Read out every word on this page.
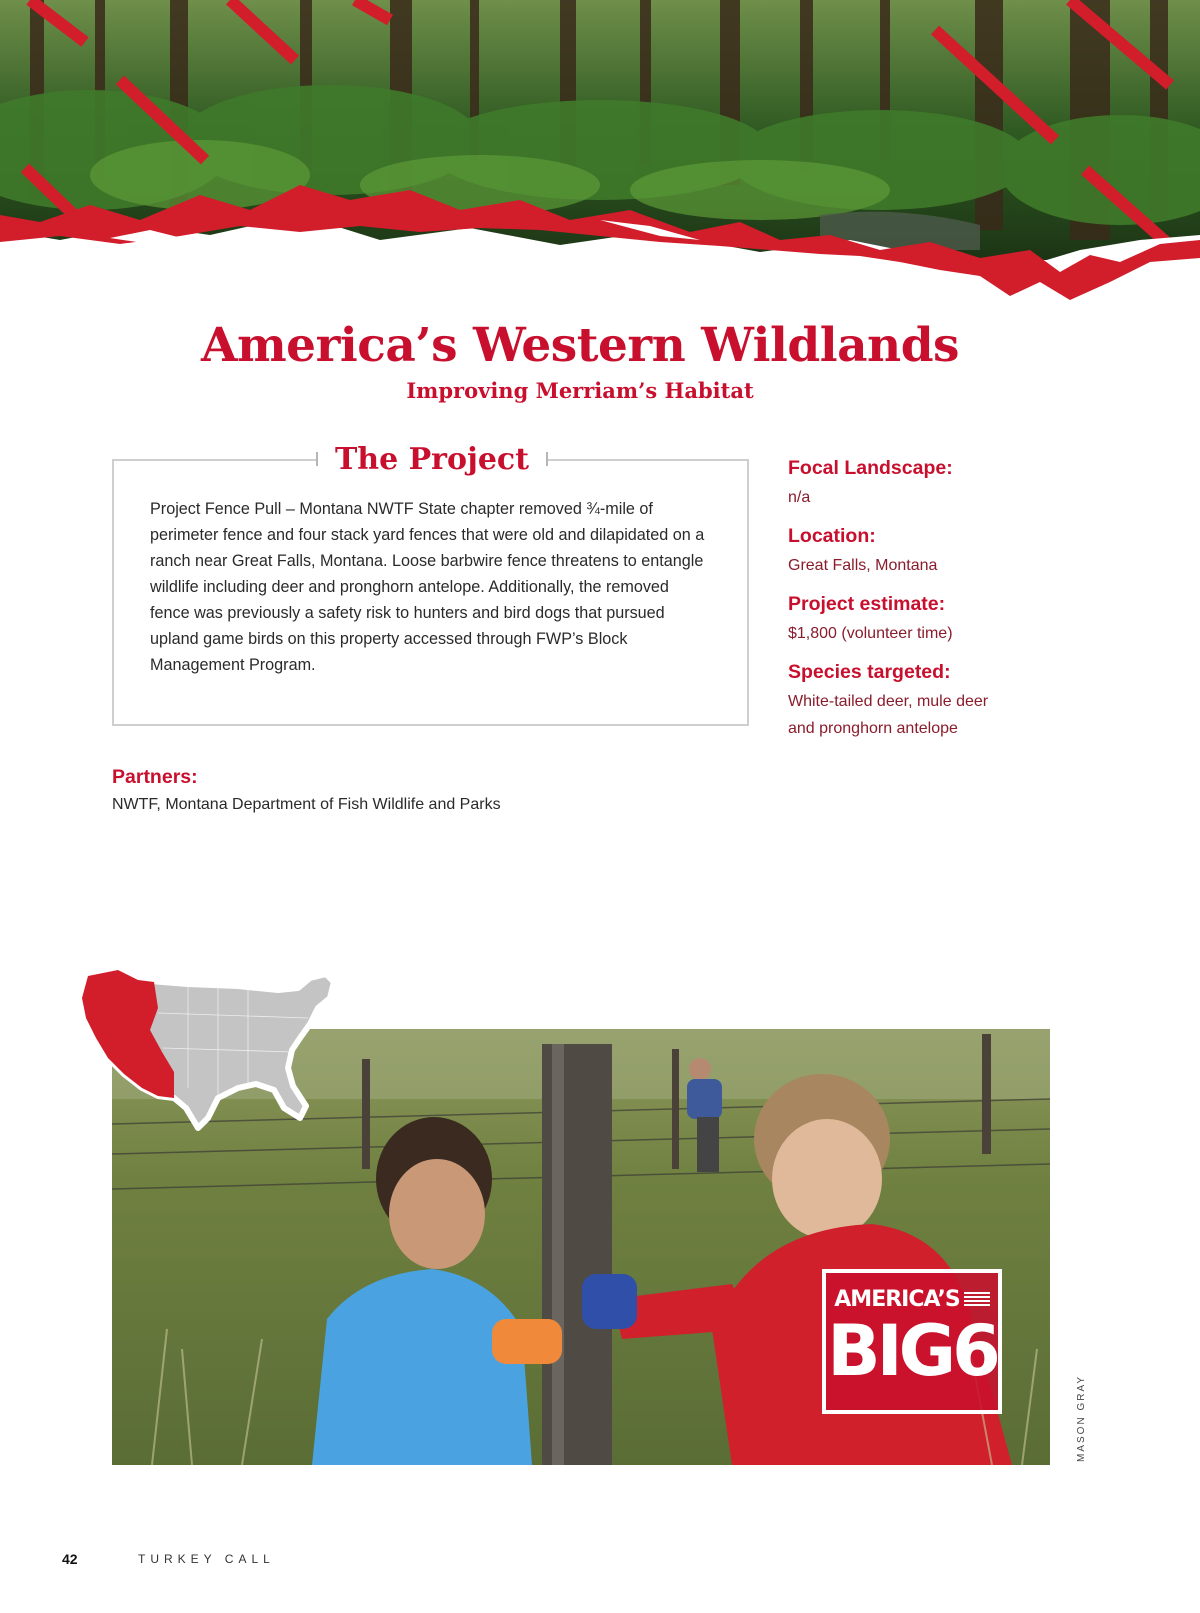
America’s Western Wildlands
Improving Merriam’s Habitat
The Project

Project Fence Pull – Montana NWTF State chapter removed ¾-mile of perimeter fence and four stack yard fences that were old and dilapidated on a ranch near Great Falls, Montana. Loose barbwire fence threatens to entangle wildlife including deer and pronghorn antelope. Additionally, the removed fence was previously a safety risk to hunters and bird dogs that pursued upland game birds on this property accessed through FWP’s Block Management Program.

Focal Landscape:
n/a
Location:
Great Falls, Montana
Project estimate:
$1,800 (volunteer time)
Species targeted:
White-tailed deer, mule deer
and pronghorn antelope
Partners:
NWTF, Montana Department of Fish Wildlife and Parks
AMERICA’S
BIG6
MASON GRAY
42	TURKEY CALL
